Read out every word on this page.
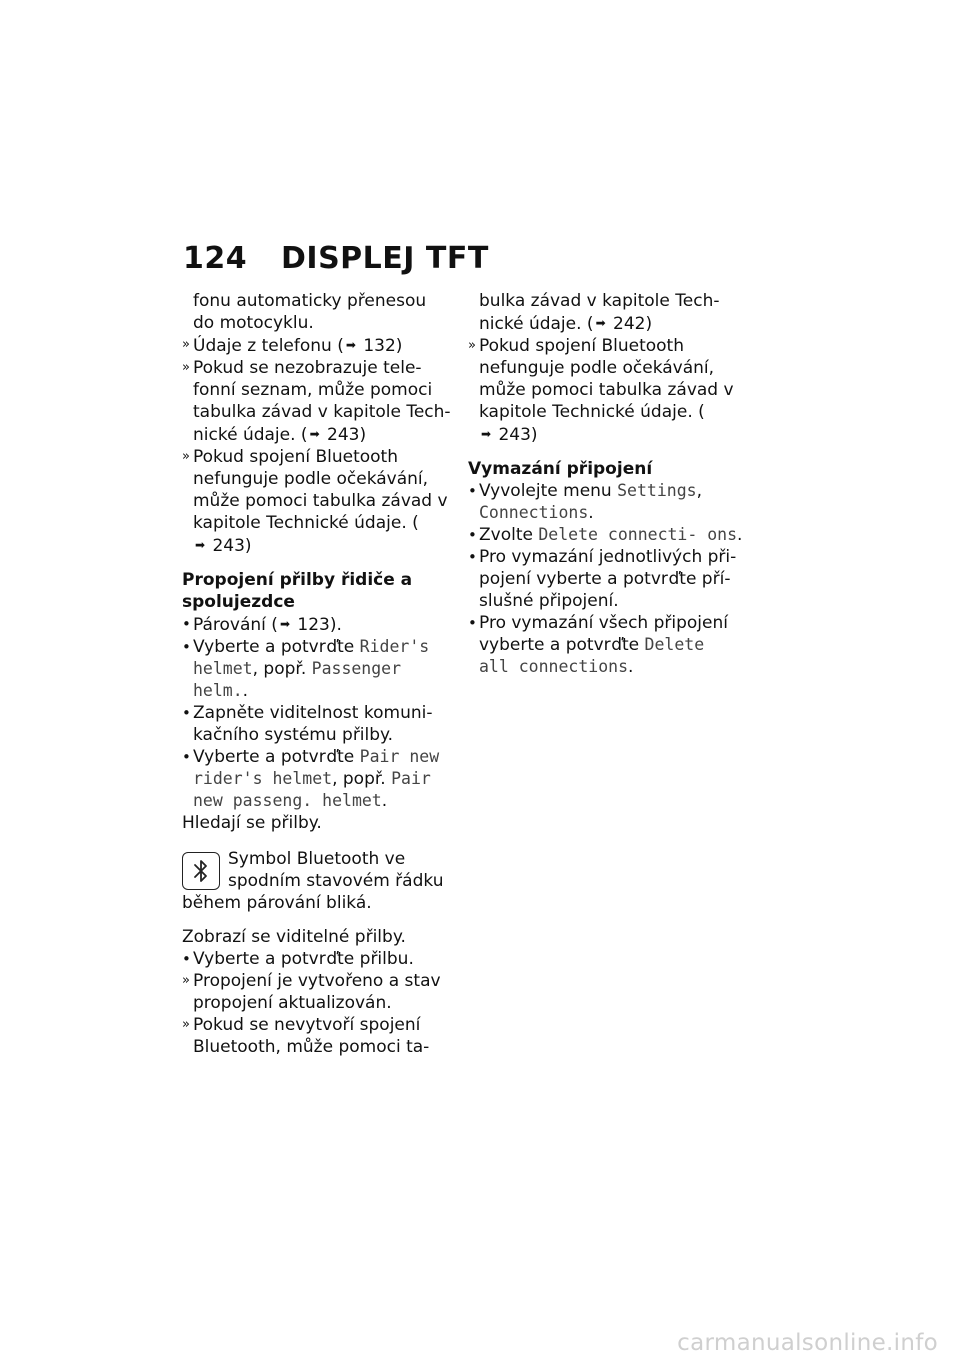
124 DISPLEJ TFT
fonu automaticky přenesou do motocyklu.
» Údaje z telefonu ( ➡ 132)
» Pokud se nezobrazuje tele- fonní seznam, může pomoci tabulka závad v kapitole Tech- nické údaje. ( ➡ 243)
» Pokud spojení Bluetooth nefunguje podle očekávání, může pomoci tabulka závad v kapitole Technické údaje. (➡ 243)
Propojení přilby řidiče a spolujezdce
• Párování ( ➡ 123).
• Vyberte a potvrďte Rider's helmet, popř. Passenger helm..
• Zapněte viditelnost komuni- kačního systému přilby.
• Vyberte a potvrďte Pair new rider's helmet, popř. Pair new passeng. helmet.
Hledají se přilby.
Symbol Bluetooth ve spodním stavovém řádku během párování bliká.
Zobrazí se viditelné přilby.
• Vyberte a potvrďte přilbu.
» Propojení je vytvořeno a stav propojení aktualizován.
» Pokud se nevytvoří spojení Bluetooth, může pomoci ta-
bulka závad v kapitole Tech- nické údaje. ( ➡ 242)
» Pokud spojení Bluetooth nefunguje podle očekávání, může pomoci tabulka závad v kapitole Technické údaje. (➡ 243)
Vymazání připojení
• Vyvolejte menu Settings, Connections.
• Zvolte Delete connecti- ons.
• Pro vymazání jednotlivých při- pojení vyberte a potvrďte pří- slušné připojení.
• Pro vymazání všech připojení vyberte a potvrďte Delete all connections.
carmanualsonline.info
